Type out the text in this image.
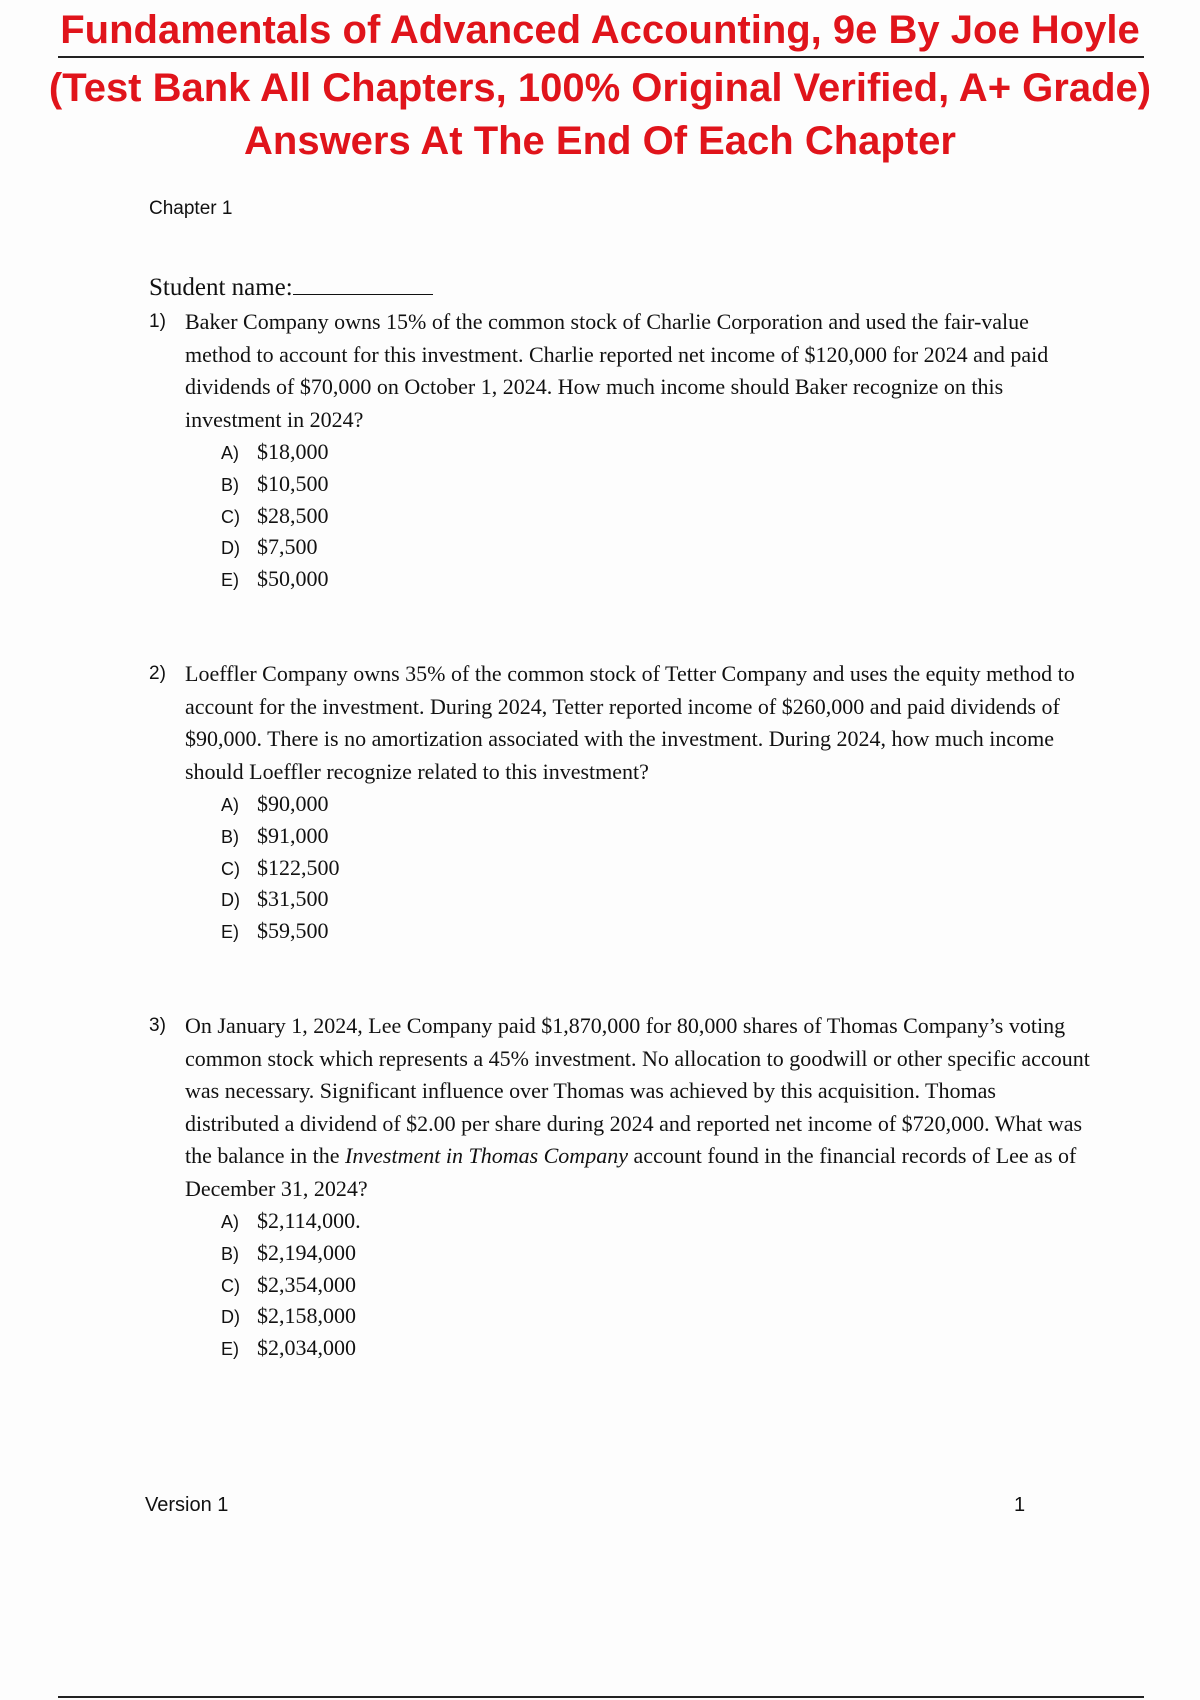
Fundamentals of Advanced Accounting, 9e By Joe Hoyle
(Test Bank All Chapters, 100% Original Verified, A+ Grade)
Answers At The End Of Each Chapter
Chapter 1
Student name:
1) Baker Company owns 15% of the common stock of Charlie Corporation and used the fair-value method to account for this investment. Charlie reported net income of $120,000 for 2024 and paid dividends of $70,000 on October 1, 2024. How much income should Baker recognize on this investment in 2024?
A) $18,000
B) $10,500
C) $28,500
D) $7,500
E) $50,000
2) Loeffler Company owns 35% of the common stock of Tetter Company and uses the equity method to account for the investment. During 2024, Tetter reported income of $260,000 and paid dividends of $90,000. There is no amortization associated with the investment. During 2024, how much income should Loeffler recognize related to this investment?
A) $90,000
B) $91,000
C) $122,500
D) $31,500
E) $59,500
3) On January 1, 2024, Lee Company paid $1,870,000 for 80,000 shares of Thomas Company’s voting common stock which represents a 45% investment. No allocation to goodwill or other specific account was necessary. Significant influence over Thomas was achieved by this acquisition. Thomas distributed a dividend of $2.00 per share during 2024 and reported net income of $720,000. What was the balance in the Investment in Thomas Company account found in the financial records of Lee as of December 31, 2024?
A) $2,114,000.
B) $2,194,000
C) $2,354,000
D) $2,158,000
E) $2,034,000
Version 1	1
